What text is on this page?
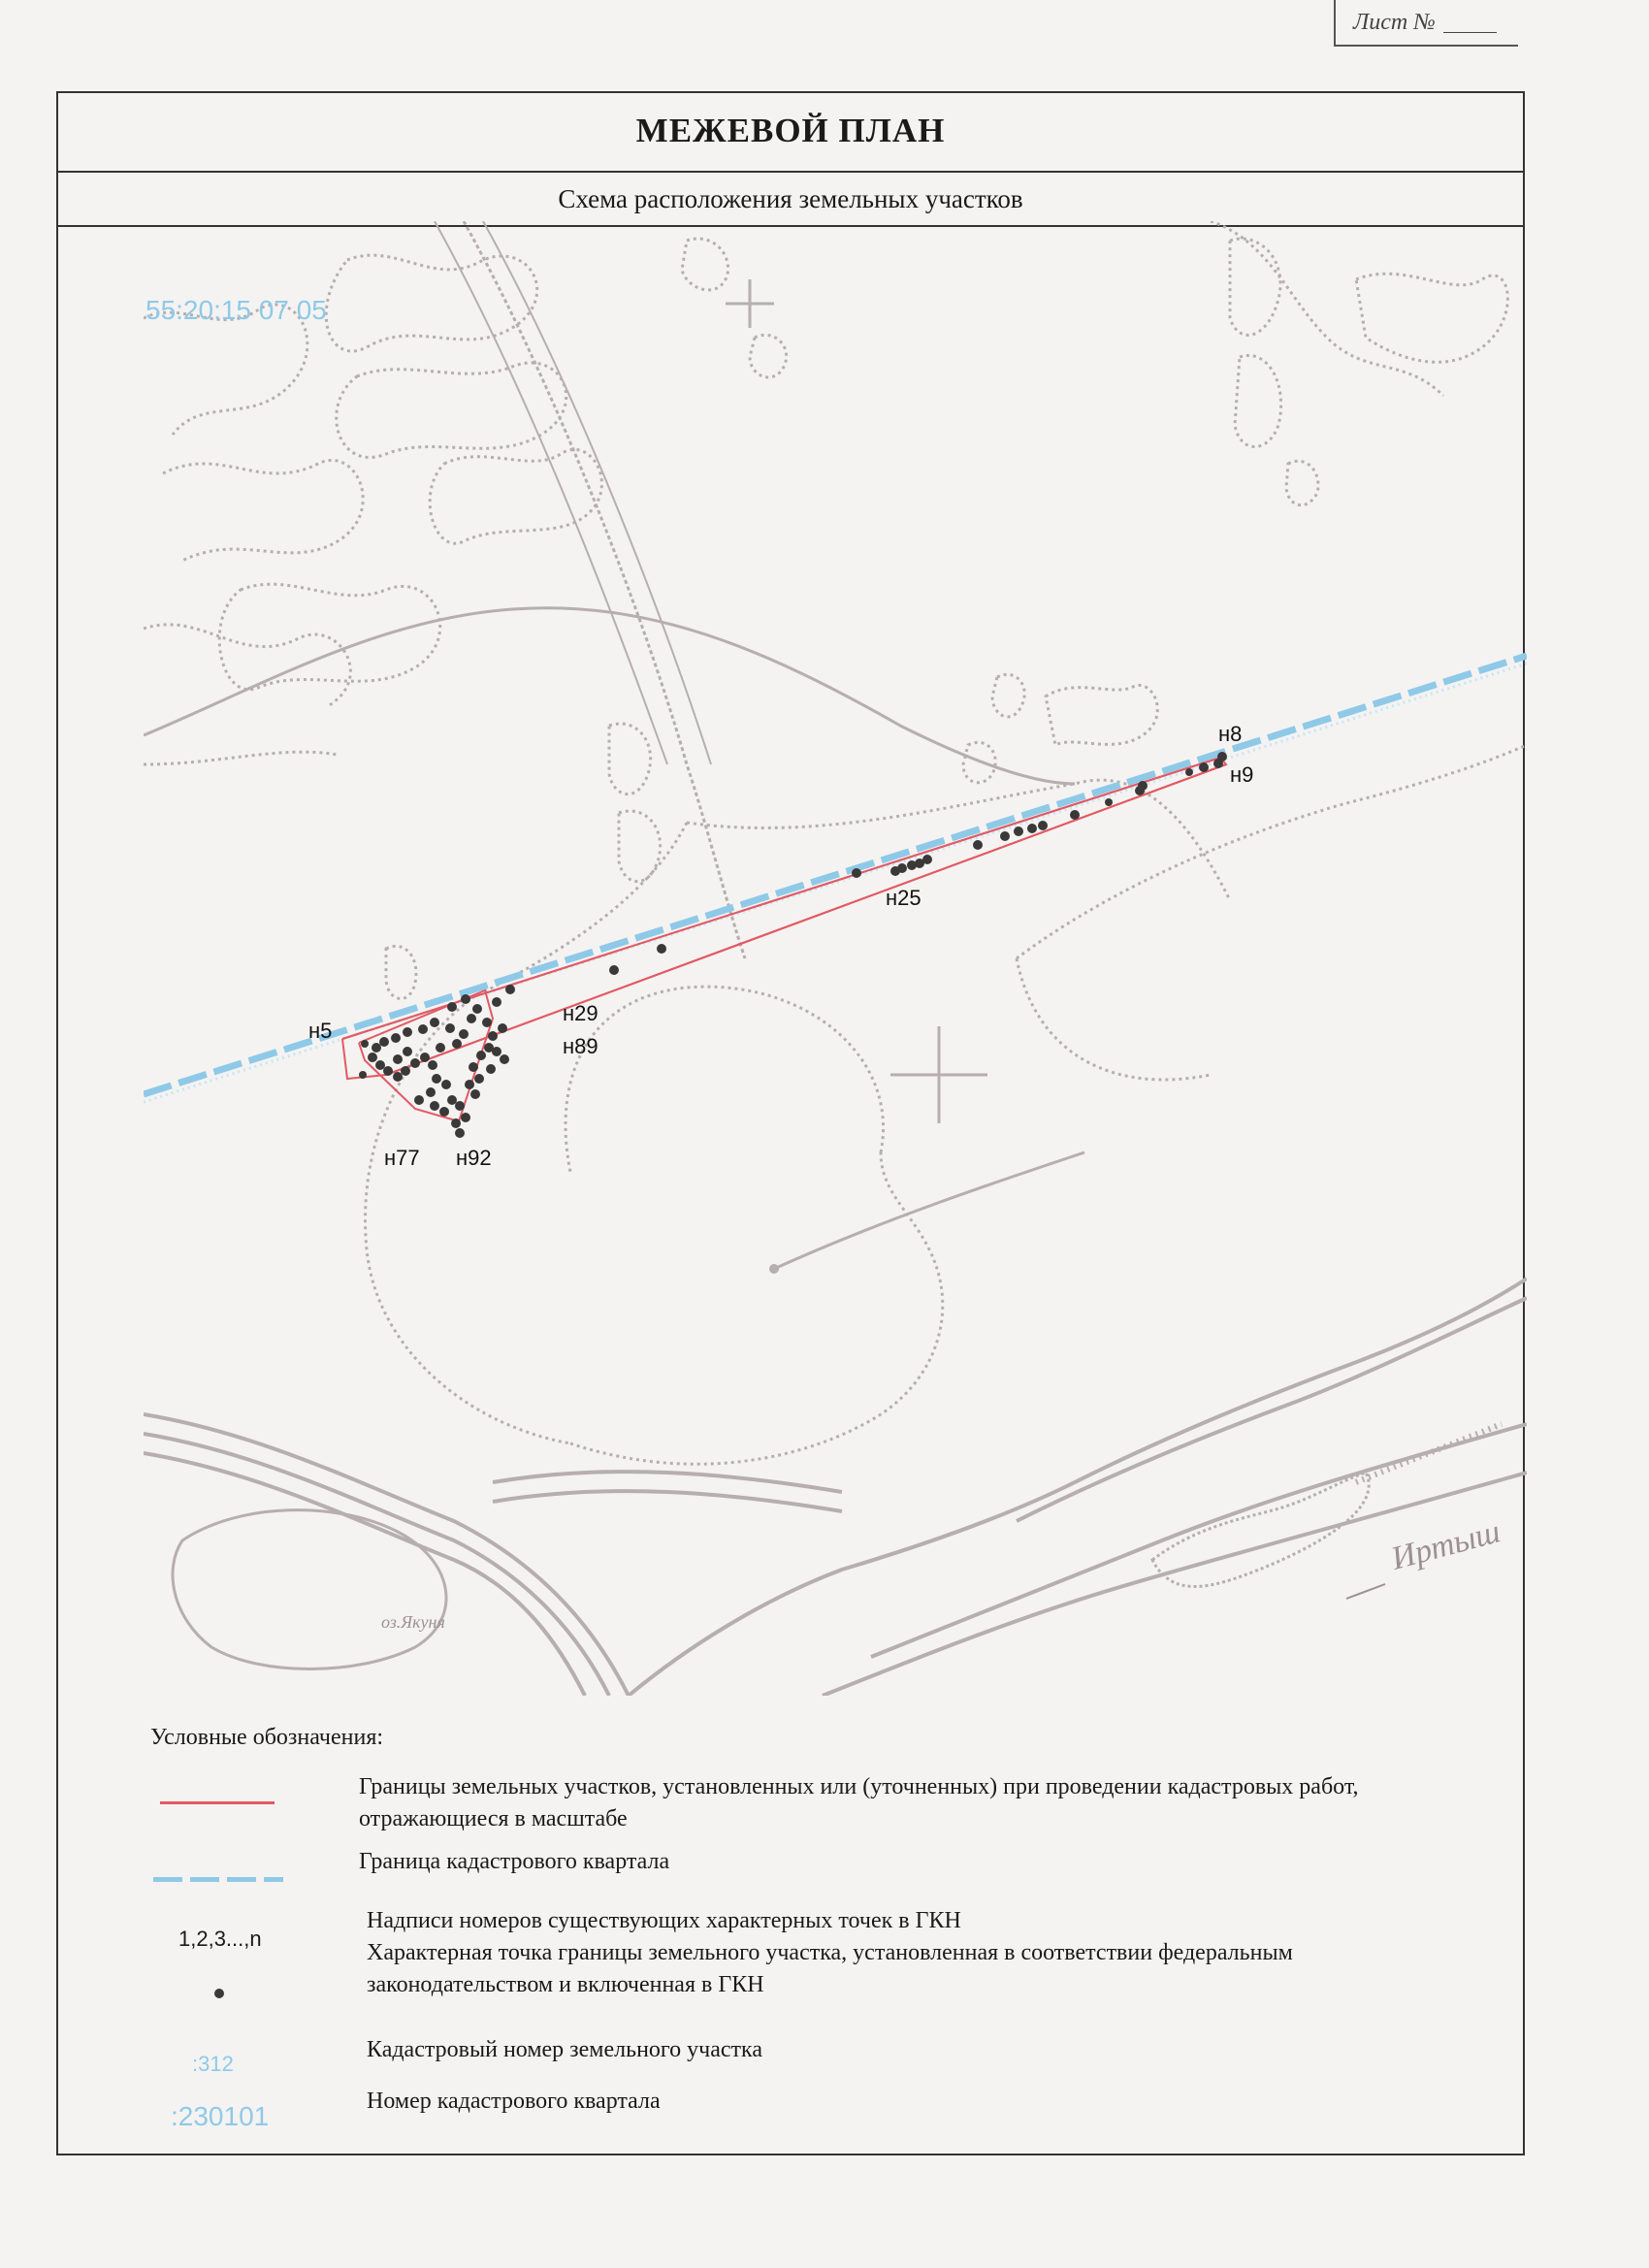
Лист №
МЕЖЕВОЙ ПЛАН
Схема расположения земельных участков
оз.Якуня
Иртыш
н8
н9
н25
н29
н89
н5
н77 н92
55:20:15 07 05
Условные обозначения:
Границы земельных участков, установленных или (уточненных) при проведении кадастровых работ,
отражающиеся в масштабе
Граница кадастрового квартала
1,2,3...,n
Надписи номеров существующих характерных точек в ГКН
Характерная точка границы земельного участка, установленная в соответствии федеральным
законодательством и включенная в ГКН
:312
Кадастровый номер земельного участка
:230101	Номер кадастрового квартала
